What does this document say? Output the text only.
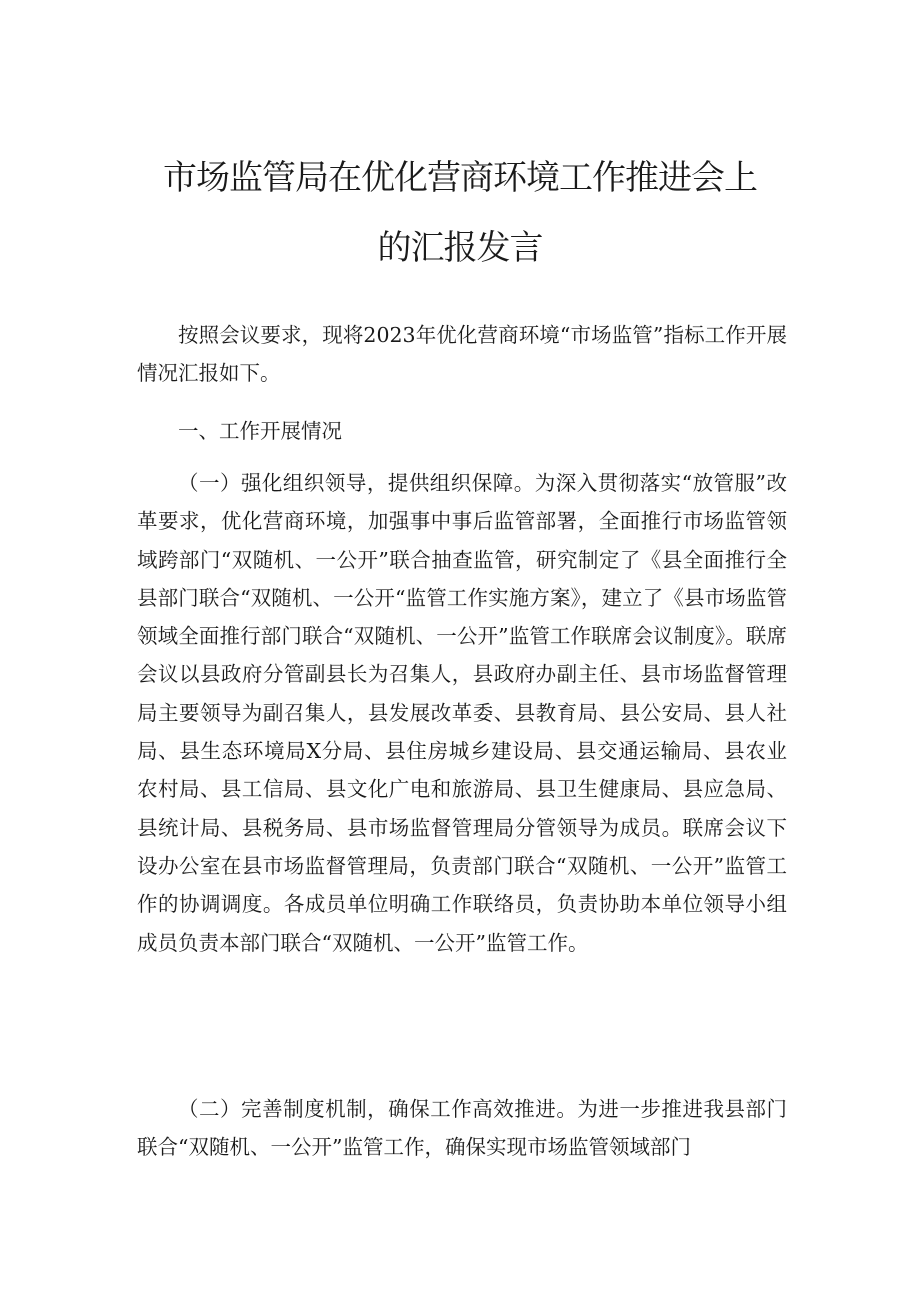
市场监管局在优化营商环境工作推进会上
的汇报发言

按照会议要求，现将2023年优化营商环境“市场监管”指标工作开展情况汇报如下。

一、工作开展情况

（一）强化组织领导，提供组织保障。为深入贯彻落实“放管服”改革要求，优化营商环境，加强事中事后监管部署，全面推行市场监管领域跨部门“双随机、一公开”联合抽查监管，研究制定了《县全面推行全县部门联合“双随机、一公开“监管工作实施方案》，建立了《县市场监管领域全面推行部门联合“双随机、一公开”监管工作联席会议制度》。联席会议以县政府分管副县长为召集人，县政府办副主任、县市场监督管理局主要领导为副召集人，县发展改革委、县教育局、县公安局、县人社局、县生态环境局X分局、县住房城乡建设局、县交通运输局、县农业农村局、县工信局、县文化广电和旅游局、县卫生健康局、县应急局、县统计局、县税务局、县市场监督管理局分管领导为成员。联席会议下设办公室在县市场监督管理局，负责部门联合“双随机、一公开”监管工作的协调调度。各成员单位明确工作联络员，负责协助本单位领导小组成员负责本部门联合“双随机、一公开”监管工作。

（二）完善制度机制，确保工作高效推进。为进一步推进我县部门联合“双随机、一公开”监管工作，确保实现市场监管领域部门
